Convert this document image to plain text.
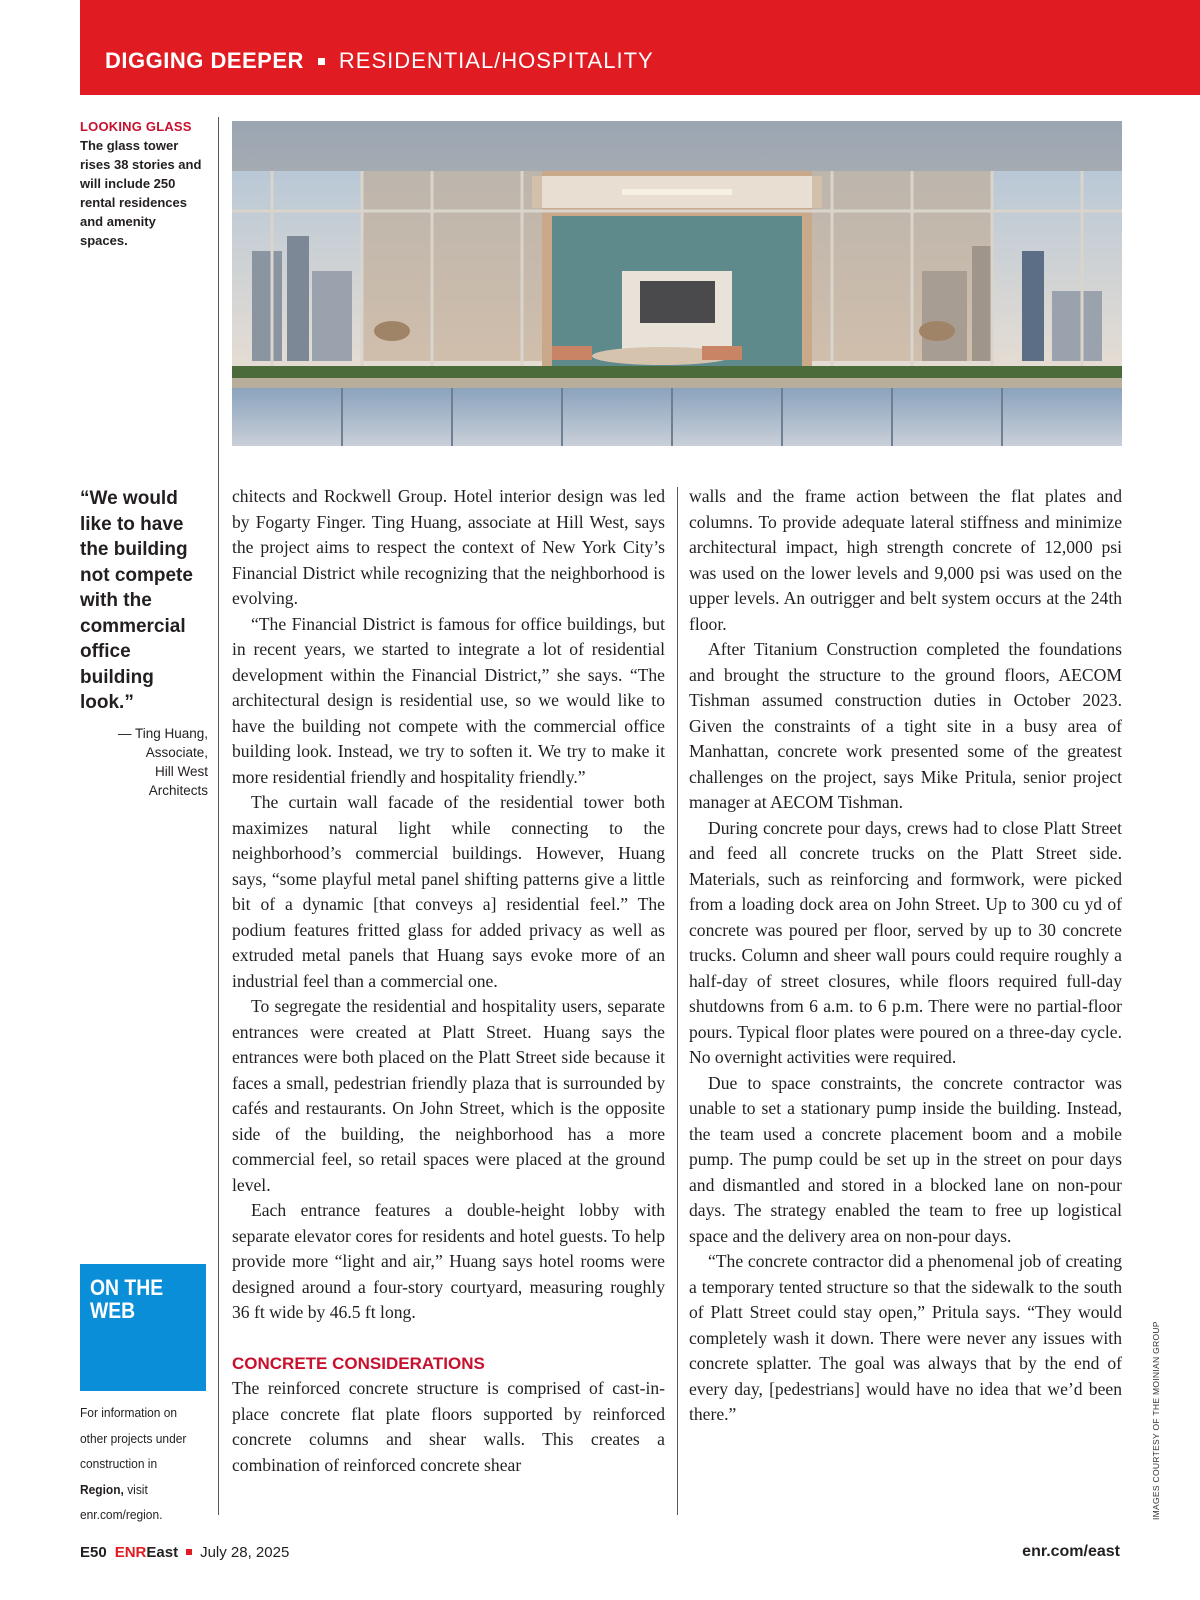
DIGGING DEEPER RESIDENTIAL/HOSPITALITY
LOOKING GLASS
The glass tower rises 38 stories and will include 250 rental residences and amenity spaces.
“We would like to have the building not compete with the commercial office building look.”
— Ting Huang,
Associate,
Hill West
Architects
ON THE
WEB
For information on other projects under construction in Region, visit enr.com/region.

chitects and Rockwell Group. Hotel interior design was led by Fogarty Finger. Ting Huang, associate at Hill West, says the project aims to respect the context of New York City’s Financial District while recognizing that the neighborhood is evolving.

“The Financial District is famous for office buildings, but in recent years, we started to integrate a lot of residential development within the Financial District,” she says. “The architectural design is residential use, so we would like to have the building not compete with the commercial office building look. Instead, we try to soften it. We try to make it more residential friendly and hospitality friendly.”

The curtain wall facade of the residential tower both maximizes natural light while connecting to the neighborhood’s commercial buildings. However, Huang says, “some playful metal panel shifting patterns give a little bit of a dynamic [that conveys a] residential feel.” The podium features fritted glass for added privacy as well as extruded metal panels that Huang says evoke more of an industrial feel than a commercial one.

To segregate the residential and hospitality users, separate entrances were created at Platt Street. Huang says the entrances were both placed on the Platt Street side because it faces a small, pedestrian friendly plaza that is surrounded by cafés and restaurants. On John Street, which is the opposite side of the building, the neighborhood has a more commercial feel, so retail spaces were placed at the ground level.

Each entrance features a double-height lobby with separate elevator cores for residents and hotel guests. To help provide more “light and air,” Huang says hotel rooms were designed around a four-story courtyard, measuring roughly 36 ft wide by 46.5 ft long.

CONCRETE CONSIDERATIONS

The reinforced concrete structure is comprised of cast-in-place concrete flat plate floors supported by reinforced concrete columns and shear walls. This creates a combination of reinforced concrete shear

walls and the frame action between the flat plates and columns. To provide adequate lateral stiffness and minimize architectural impact, high strength concrete of 12,000 psi was used on the lower levels and 9,000 psi was used on the upper levels. An outrigger and belt system occurs at the 24th floor.

After Titanium Construction completed the foundations and brought the structure to the ground floors, AECOM Tishman assumed construction duties in October 2023. Given the constraints of a tight site in a busy area of Manhattan, concrete work presented some of the greatest challenges on the project, says Mike Pritula, senior project manager at AECOM Tishman.

During concrete pour days, crews had to close Platt Street and feed all concrete trucks on the Platt Street side. Materials, such as reinforcing and formwork, were picked from a loading dock area on John Street. Up to 300 cu yd of concrete was poured per floor, served by up to 30 concrete trucks. Column and sheer wall pours could require roughly a half-day of street closures, while floors required full-day shutdowns from 6 a.m. to 6 p.m. There were no partial-floor pours. Typical floor plates were poured on a three-day cycle. No overnight activities were required.

Due to space constraints, the concrete contractor was unable to set a stationary pump inside the building. Instead, the team used a concrete placement boom and a mobile pump. The pump could be set up in the street on pour days and dismantled and stored in a blocked lane on non-pour days. The strategy enabled the team to free up logistical space and the delivery area on non-pour days.

“The concrete contractor did a phenomenal job of creating a temporary tented structure so that the sidewalk to the south of Platt Street could stay open,” Pritula says. “They would completely wash it down. There were never any issues with concrete splatter. The goal was always that by the end of every day, [pedestrians] would have no idea that we’d been there.”	IMAGES COURTESY OF THE MOINIAN GROUP
E50 ENR East July 28, 2025	enr.com/east
